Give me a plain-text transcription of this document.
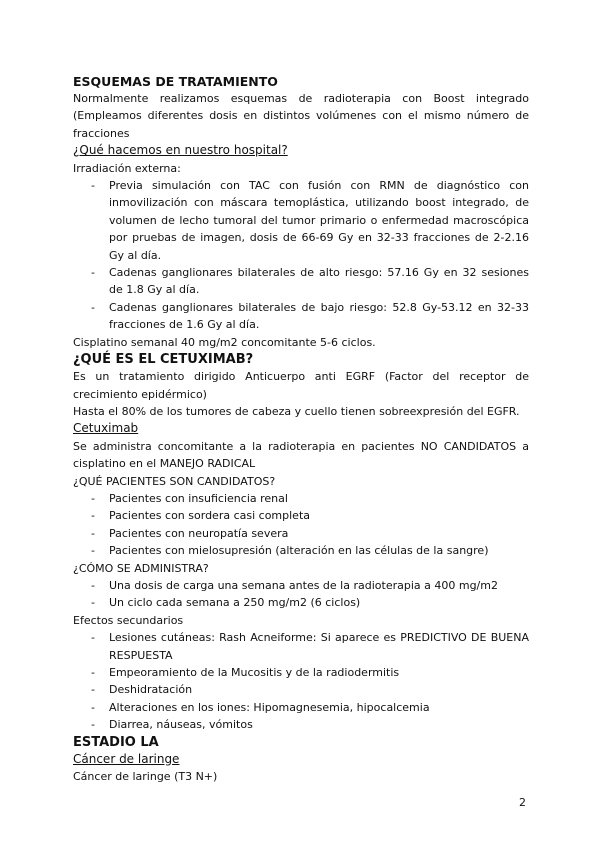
ESQUEMAS DE TRATAMIENTO

Normalmente realizamos esquemas de radioterapia con Boost integrado (Empleamos diferentes dosis en distintos volúmenes con el mismo número de fracciones

¿Qué hacemos en nuestro hospital?

Irradiación externa:

- Previa simulación con TAC con fusión con RMN de diagnóstico con inmovilización con máscara temoplástica, utilizando boost integrado, de volumen de lecho tumoral del tumor primario o enfermedad macroscópica por pruebas de imagen, dosis de 66-69 Gy en 32-33 fracciones de 2-2.16 Gy al día.
- Cadenas ganglionares bilaterales de alto riesgo: 57.16 Gy en 32 sesiones de 1.8 Gy al día.
- Cadenas ganglionares bilaterales de bajo riesgo: 52.8 Gy-53.12 en 32-33 fracciones de 1.6 Gy al día.

Cisplatino semanal 40 mg/m2 concomitante 5-6 ciclos.

¿QUÉ ES EL CETUXIMAB?

Es un tratamiento dirigido Anticuerpo anti EGRF (Factor del receptor de crecimiento epidérmico)

Hasta el 80% de los tumores de cabeza y cuello tienen sobreexpresión del EGFR.

Cetuximab

Se administra concomitante a la radioterapia en pacientes NO CANDIDATOS a cisplatino en el MANEJO RADICAL

¿QUÉ PACIENTES SON CANDIDATOS?

- Pacientes con insuficiencia renal
- Pacientes con sordera casi completa
- Pacientes con neuropatía severa
- Pacientes con mielosupresión (alteración en las células de la sangre)

¿CÓMO SE ADMINISTRA?

- Una dosis de carga una semana antes de la radioterapia a 400 mg/m2
- Un ciclo cada semana a 250 mg/m2 (6 ciclos)

Efectos secundarios

- Lesiones cutáneas: Rash Acneiforme: Si aparece es PREDICTIVO DE BUENA RESPUESTA
- Empeoramiento de la Mucositis y de la radiodermitis
- Deshidratación
- Alteraciones en los iones: Hipomagnesemia, hipocalcemia
- Diarrea, náuseas, vómitos

ESTADIO LA

Cáncer de laringe

Cáncer de laringe (T3 N+)

2
